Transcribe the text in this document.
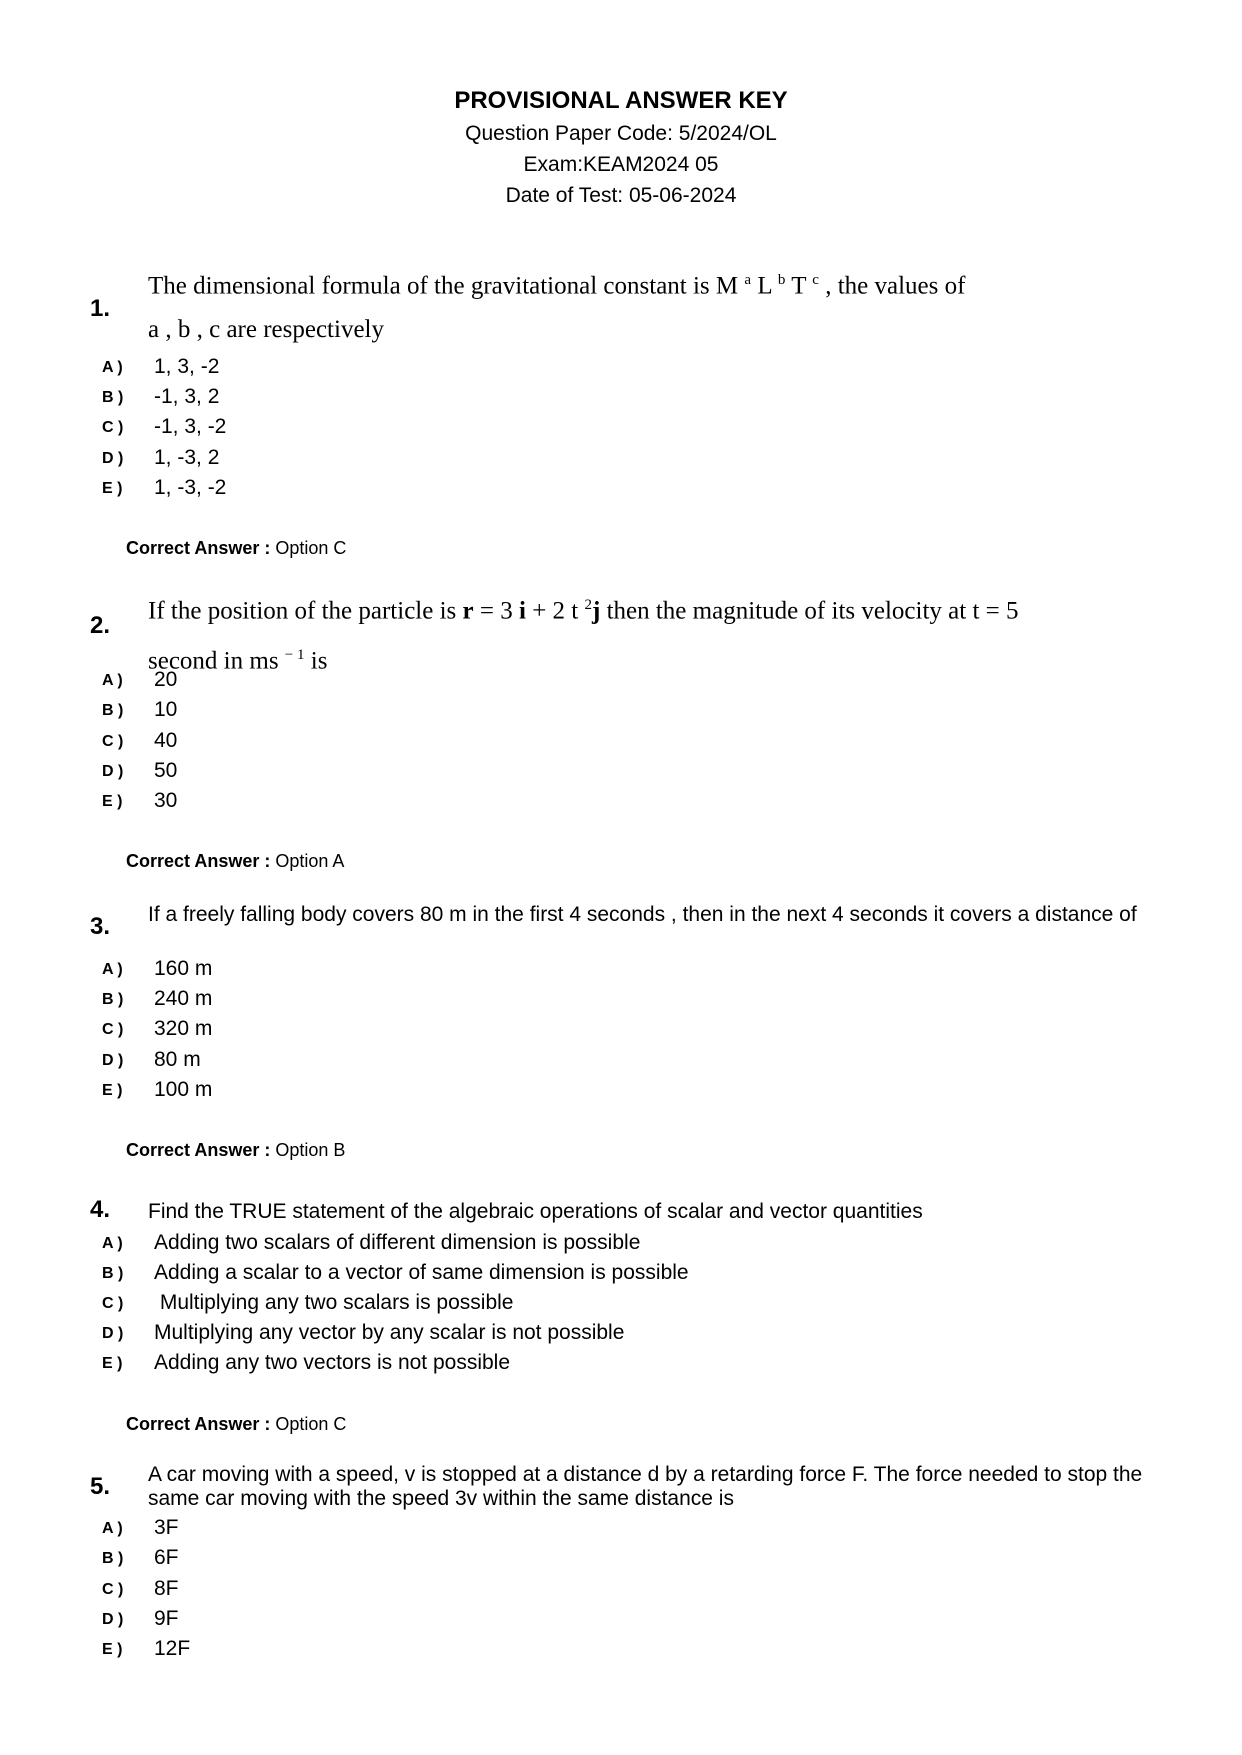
PROVISIONAL ANSWER KEY
Question Paper Code: 5/2024/OL
Exam:KEAM2024 05
Date of Test: 05-06-2024
1.
The dimensional formula of the gravitational constant is M $^a$ L $^b$ T $^c$ , the values of
a , b , c are respectively
A ) 1, 3, -2
B ) -1, 3, 2
C ) -1, 3, -2
D ) 1, -3, 2
E ) 1, -3, -2
Correct Answer : Option C
2.
If the position of the particle is r = 3 i + 2 t $^2$j then the magnitude of its velocity at t = 5
second in ms $^{- 1}$ is
A ) 20
B ) 10
C ) 40
D ) 50
E ) 30
Correct Answer : Option A
3. If a freely falling body covers 80 m in the first 4 seconds , then in the next 4 seconds it covers a distance of
A ) 160 m
B ) 240 m
C ) 320 m
D ) 80 m
E ) 100 m
Correct Answer : Option B
4. Find the TRUE statement of the algebraic operations of scalar and vector quantities
A ) Adding two scalars of different dimension is possible
B ) Adding a scalar to a vector of same dimension is possible
C ) Multiplying any two scalars is possible
D ) Multiplying any vector by any scalar is not possible
E ) Adding any two vectors is not possible
Correct Answer : Option C
5. A car moving with a speed, v is stopped at a distance d by a retarding force F. The force needed to stop the same car moving with the speed 3v within the same distance is
A ) 3F
B ) 6F
C ) 8F
D ) 9F
E ) 12F
